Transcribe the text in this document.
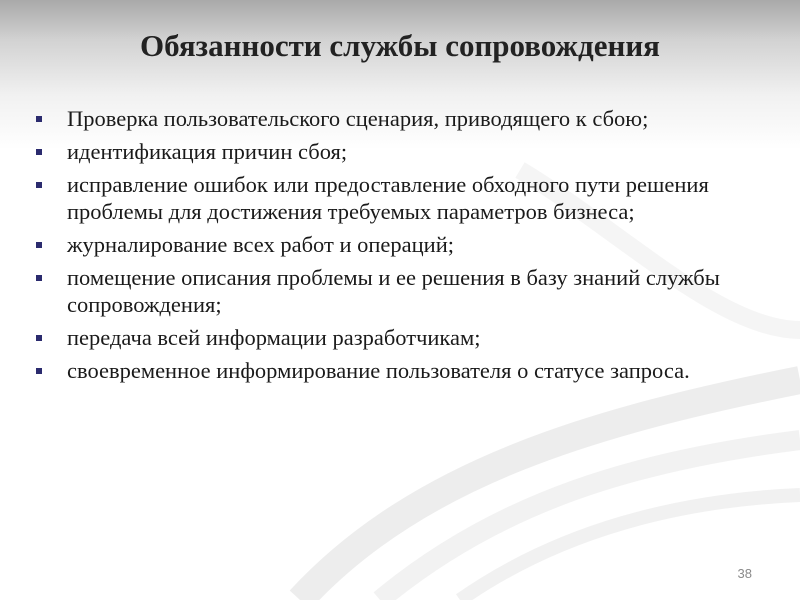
Обязанности службы сопровождения
Проверка пользовательского сценария, приводящего к сбою;
идентификация причин сбоя;
исправление ошибок или предоставление обходного пути решения проблемы для достижения требуемых параметров бизнеса;
журналирование всех работ и операций;
помещение описания проблемы и ее решения в базу знаний службы сопровождения;
передача всей информации разработчикам;
своевременное информирование пользователя о статусе запроса.
38
